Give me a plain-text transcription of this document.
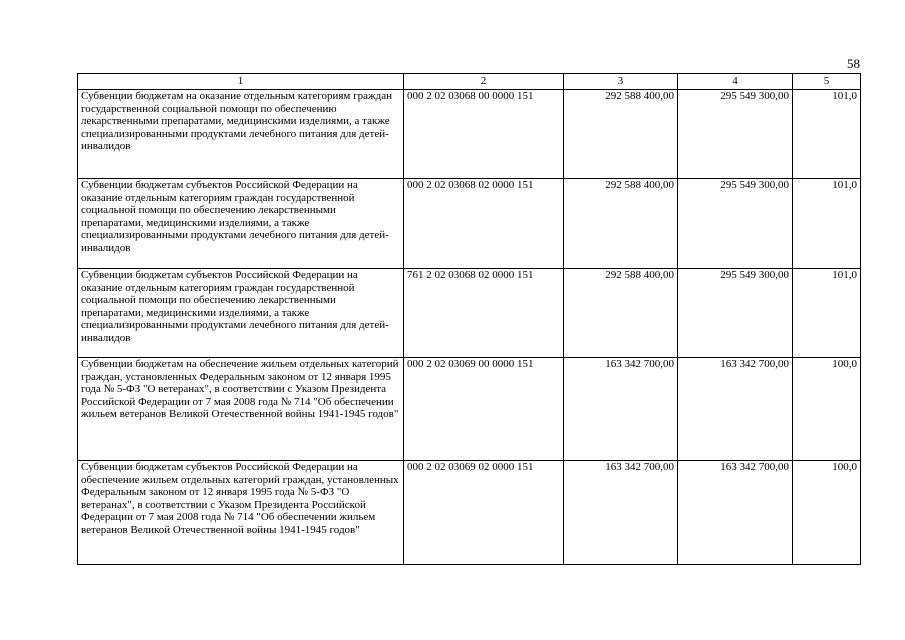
58
1	2	3	4	5
Субвенции бюджетам на оказание отдельным категориям граждан государственной социальной помощи по обеспечению лекарственными препаратами, медицинскими изделиями, а также специализированными продуктами лечебного питания для детей-инвалидов	000 2 02 03068 00 0000 151	292 588 400,00	295 549 300,00	101,0
Субвенции бюджетам субъектов Российской Федерации на оказание отдельным категориям граждан государственной социальной помощи по обеспечению лекарственными препаратами, медицинскими изделиями, а также специализированными продуктами лечебного питания для детей-инвалидов	000 2 02 03068 02 0000 151	292 588 400,00	295 549 300,00	101,0
Субвенции бюджетам субъектов Российской Федерации на оказание отдельным категориям граждан государственной социальной помощи по обеспечению лекарственными препаратами, медицинскими изделиями, а также специализированными продуктами лечебного питания для детей-инвалидов	761 2 02 03068 02 0000 151	292 588 400,00	295 549 300,00	101,0
Субвенции бюджетам на обеспечение жильем отдельных категорий граждан, установленных Федеральным законом от 12 января 1995 года № 5-ФЗ "О ветеранах", в соответствии с Указом Президента Российской Федерации от 7 мая 2008 года № 714 "Об обеспечении жильем ветеранов Великой Отечественной войны 1941-1945 годов"	000 2 02 03069 00 0000 151	163 342 700,00	163 342 700,00	100,0
Субвенции бюджетам субъектов Российской Федерации на обеспечение жильем отдельных категорий граждан, установленных Федеральным законом от 12 января 1995 года № 5-ФЗ "О ветеранах", в соответствии с Указом Президента Российской Федерации от 7 мая 2008 года № 714 "Об обеспечении жильем ветеранов Великой Отечественной войны 1941-1945 годов"	000 2 02 03069 02 0000 151	163 342 700,00	163 342 700,00	100,0
